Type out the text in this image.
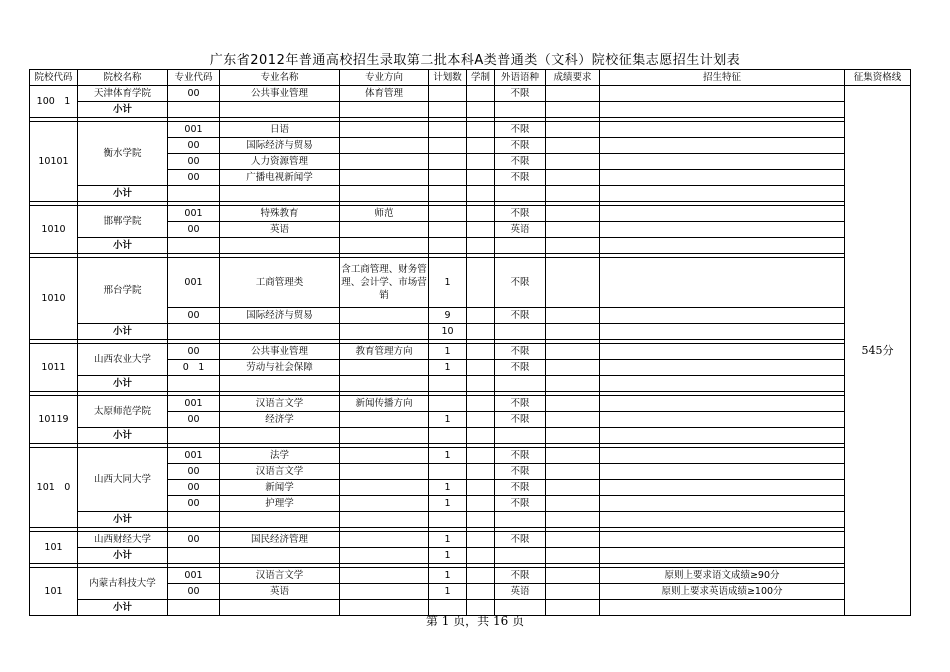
广东省2012年普通高校招生录取第二批本科A类普通类（文科）院校征集志愿招生计划表
院校代码	院校名称	专业代码	专业名称	专业方向	计划数	学制	外语语种	成绩要求	招生特征	征集资格线
100　1	天津体育学院	00	公共事业管理	体育管理			不限			545分
	小计									

10101	衡水学院	001	日语				不限			
		00	国际经济与贸易				不限			
		00	人力资源管理				不限			
		00	广播电视新闻学				不限			
	小计									

1010	邯郸学院	001	特殊教育	师范			不限			
		00	英语				英语			
	小计									

1010	邢台学院	001	工商管理类	含工商管理、财务管理、会计学、市场营销	1		不限			
		00	国际经济与贸易		9		不限			
	小计				10					

1011	山西农业大学	00	公共事业管理	教育管理方向	1		不限			
		0　1	劳动与社会保障		1		不限			
	小计									

10119	太原师范学院	001	汉语言文学	新闻传播方向			不限			
		00	经济学		1		不限			
	小计									

101　0	山西大同大学	001	法学		1		不限			
		00	汉语言文学				不限			
		00	新闻学		1		不限			
		00	护理学		1		不限			
	小计									

101	山西财经大学	00	国民经济管理		1		不限			
	小计				1					

101	内蒙古科技大学	001	汉语言文学		1		不限		原则上要求语文成绩≥90分	
		00	英语		1		英语		原则上要求英语成绩≥100分	
	小计									
第 1 页，共 16 页
